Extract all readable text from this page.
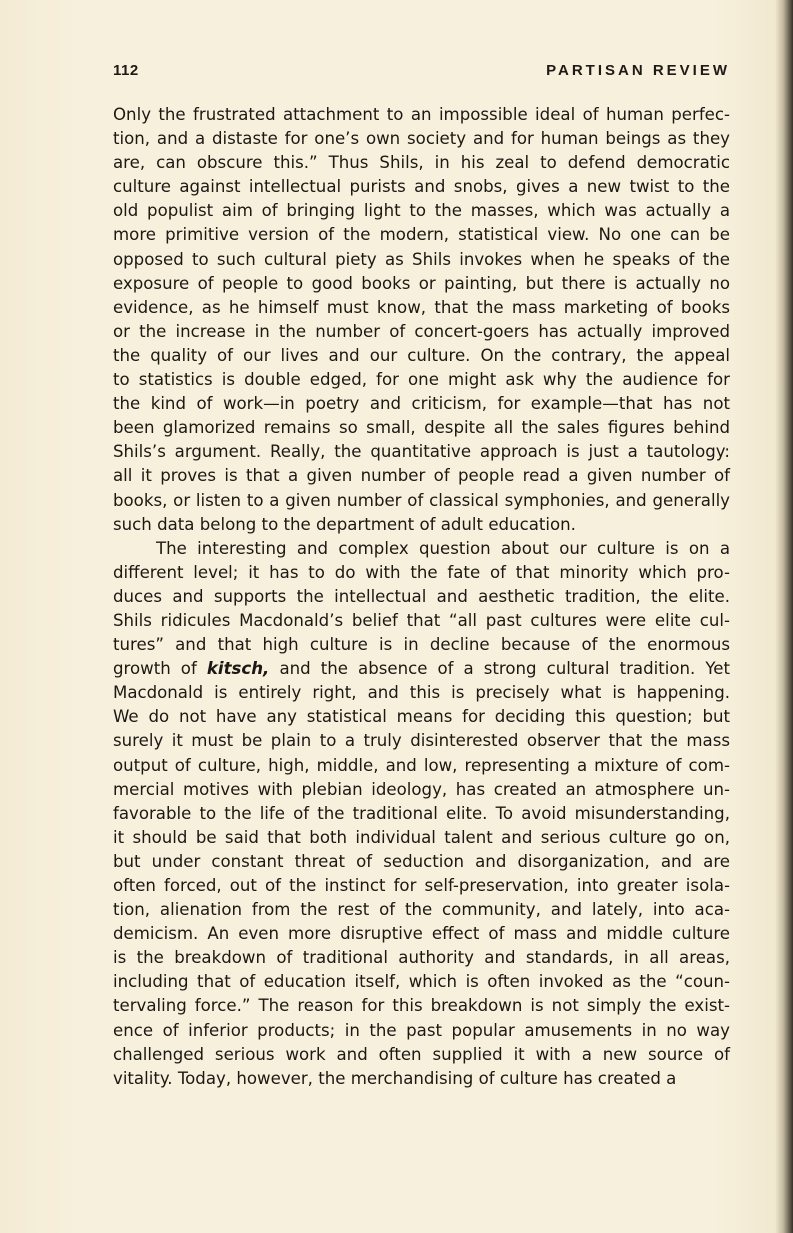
112	PARTISAN REVIEW
Only the frustrated attachment to an impossible ideal of human perfec-
tion, and a distaste for one’s own society and for human beings as they
are, can obscure this.” Thus Shils, in his zeal to defend democratic
culture against intellectual purists and snobs, gives a new twist to the
old populist aim of bringing light to the masses, which was actually a
more primitive version of the modern, statistical view. No one can be
opposed to such cultural piety as Shils invokes when he speaks of the
exposure of people to good books or painting, but there is actually no
evidence, as he himself must know, that the mass marketing of books
or the increase in the number of concert-goers has actually improved
the quality of our lives and our culture. On the contrary, the appeal
to statistics is double edged, for one might ask why the audience for
the kind of work—in poetry and criticism, for example—that has not
been glamorized remains so small, despite all the sales figures behind
Shils’s argument. Really, the quantitative approach is just a tautology:
all it proves is that a given number of people read a given number of
books, or listen to a given number of classical symphonies, and generally
such data belong to the department of adult education.
The interesting and complex question about our culture is on a
different level; it has to do with the fate of that minority which pro-
duces and supports the intellectual and aesthetic tradition, the elite.
Shils ridicules Macdonald’s belief that “all past cultures were elite cul-
tures” and that high culture is in decline because of the enormous
growth of kitsch, and the absence of a strong cultural tradition. Yet
Macdonald is entirely right, and this is precisely what is happening.
We do not have any statistical means for deciding this question; but
surely it must be plain to a truly disinterested observer that the mass
output of culture, high, middle, and low, representing a mixture of com-
mercial motives with plebian ideology, has created an atmosphere un-
favorable to the life of the traditional elite. To avoid misunderstanding,
it should be said that both individual talent and serious culture go on,
but under constant threat of seduction and disorganization, and are
often forced, out of the instinct for self-preservation, into greater isola-
tion, alienation from the rest of the community, and lately, into aca-
demicism. An even more disruptive effect of mass and middle culture
is the breakdown of traditional authority and standards, in all areas,
including that of education itself, which is often invoked as the “coun-
tervaling force.” The reason for this breakdown is not simply the exist-
ence of inferior products; in the past popular amusements in no way
challenged serious work and often supplied it with a new source of
vitality. Today, however, the merchandising of culture has created a
